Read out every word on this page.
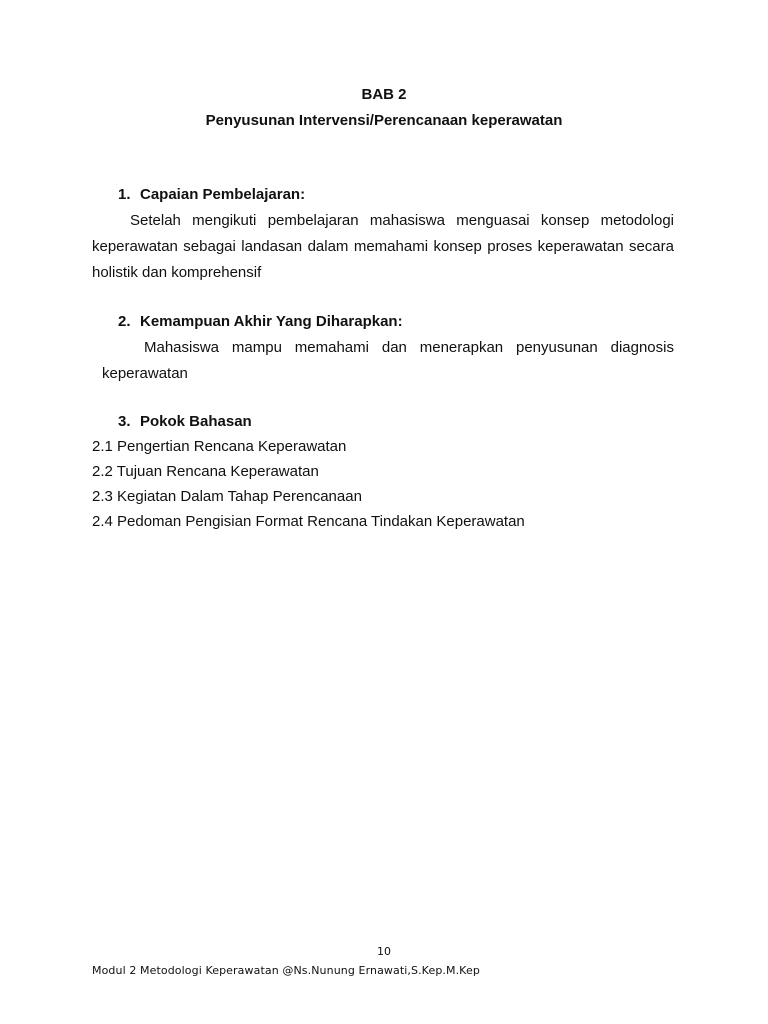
BAB 2
Penyusunan Intervensi/Perencanaan keperawatan
1. Capaian Pembelajaran:
Setelah mengikuti pembelajaran mahasiswa menguasai konsep metodologi
keperawatan sebagai landasan dalam memahami konsep proses keperawatan secara
holistik dan komprehensif
2. Kemampuan Akhir Yang Diharapkan:
Mahasiswa mampu memahami dan menerapkan penyusunan diagnosis
keperawatan
3. Pokok Bahasan
2.1 Pengertian Rencana Keperawatan
2.2 Tujuan Rencana Keperawatan
2.3 Kegiatan Dalam Tahap Perencanaan
2.4 Pedoman Pengisian Format Rencana Tindakan Keperawatan
10
Modul 2 Metodologi Keperawatan @Ns.Nunung Ernawati,S.Kep.M.Kep
